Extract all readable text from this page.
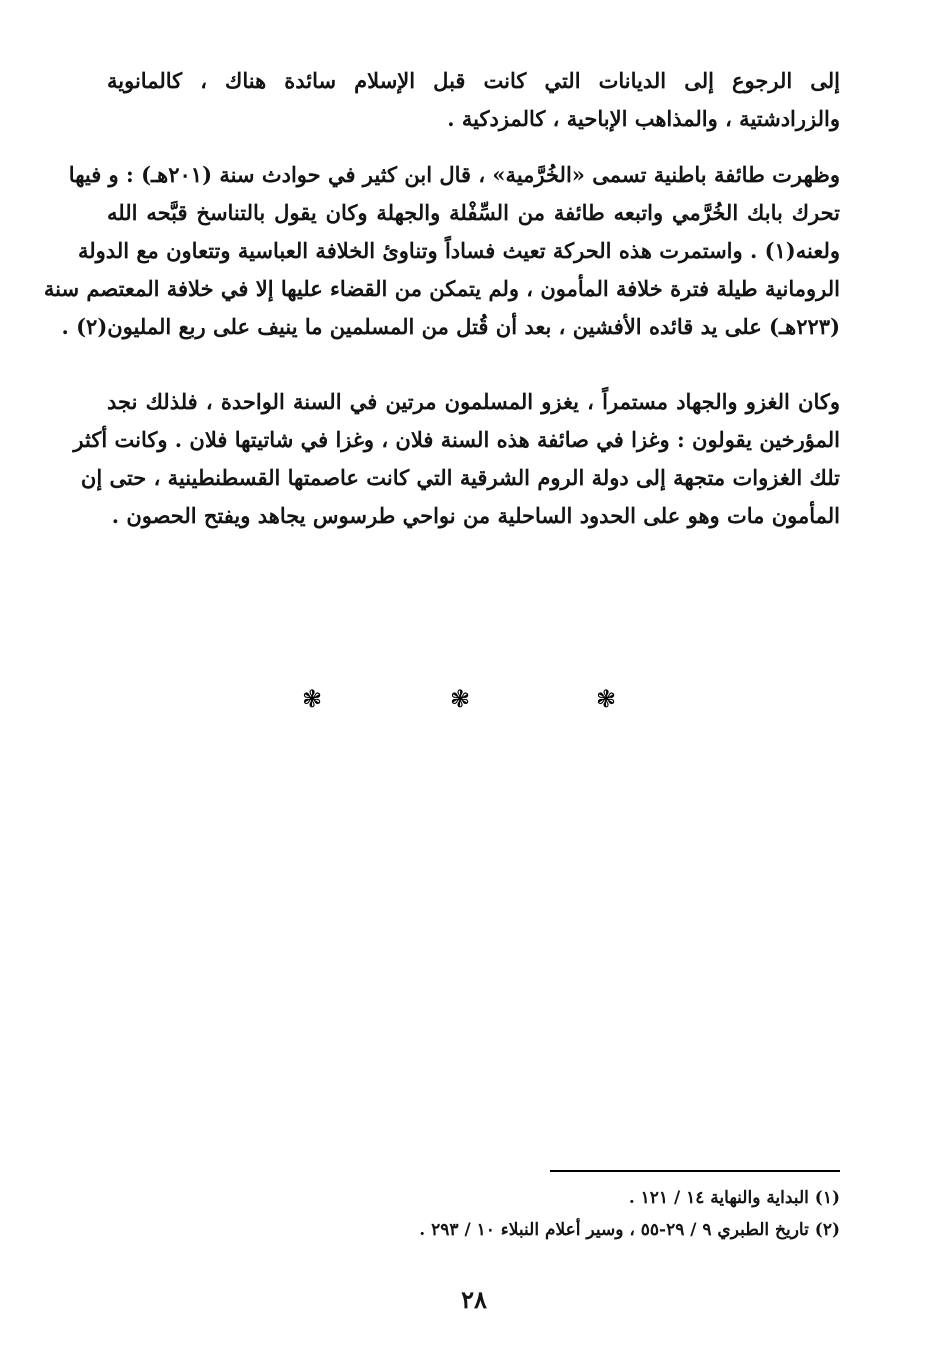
إلى الرجوع إلى الديانات التي كانت قبل الإسلام سائدة هناك ، كالمانوية
والزرادشتية ، والمذاهب الإباحية ، كالمزدكية .
وظهرت طائفة باطنية تسمى «الخُرَّمية» ، قال ابن كثير في حوادث سنة (٢٠١هـ) : و فيها
تحرك بابك الخُرَّمي واتبعه طائفة من السِّفْلة والجهلة وكان يقول بالتناسخ قبَّحه الله
ولعنه(١) . واستمرت هذه الحركة تعيث فساداً وتناوئ الخلافة العباسية وتتعاون مع الدولة
الرومانية طيلة فترة خلافة المأمون ، ولم يتمكن من القضاء عليها إلا في خلافة المعتصم سنة
(٢٢٣هـ) على يد قائده الأفشين ، بعد أن قُتل من المسلمين ما ينيف على ربع المليون(٢) .
وكان الغزو والجهاد مستمراً ، يغزو المسلمون مرتين في السنة الواحدة ، فلذلك نجد
المؤرخين يقولون : وغزا في صائفة هذه السنة فلان ، وغزا في شاتيتها فلان . وكانت أكثر
تلك الغزوات متجهة إلى دولة الروم الشرقية التي كانت عاصمتها القسطنطينية ، حتى إن
المأمون مات وهو على الحدود الساحلية من نواحي طرسوس يجاهد ويفتح الحصون .
❃
❃
❃
(١) البداية والنهاية ١٤ / ١٢١ .
(٢) تاريخ الطبري ٩ / ٢٩-٥٥ ، وسير أعلام النبلاء ١٠ / ٢٩٣ .
٢٨
